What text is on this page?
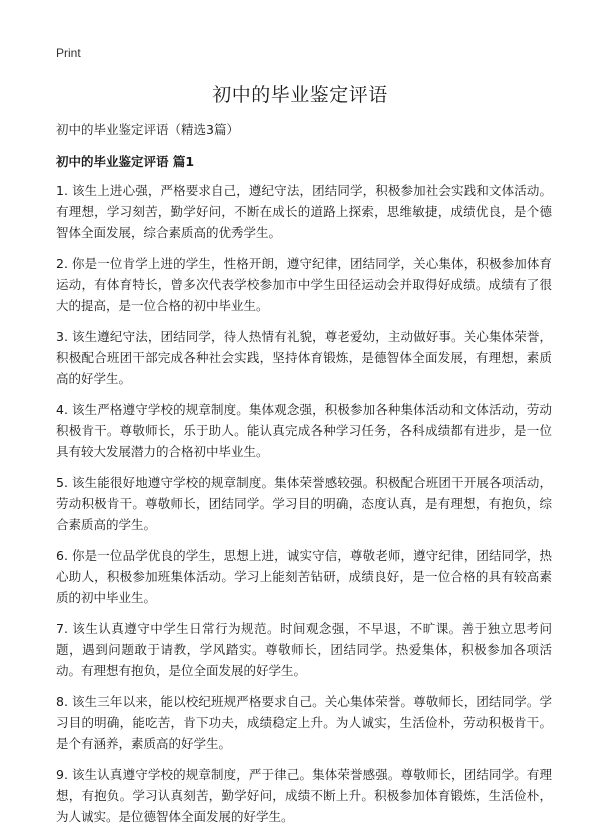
Print
初中的毕业鉴定评语

初中的毕业鉴定评语（精选3篇）

初中的毕业鉴定评语 篇1

1. 该生上进心强，严格要求自己，遵纪守法，团结同学，积极参加社会实践和文体活动。有理想，学习刻苦，勤学好问，不断在成长的道路上探索，思维敏捷，成绩优良，是个德智体全面发展，综合素质高的优秀学生。
2. 你是一位肯学上进的学生，性格开朗，遵守纪律，团结同学，关心集体，积极参加体育运动，有体育特长，曾多次代表学校参加市中学生田径运动会并取得好成绩。成绩有了很大的提高，是一位合格的初中毕业生。
3. 该生遵纪守法，团结同学，待人热情有礼貌，尊老爱幼，主动做好事。关心集体荣誉，积极配合班团干部完成各种社会实践，坚持体育锻炼，是德智体全面发展，有理想，素质高的好学生。
4. 该生严格遵守学校的规章制度。集体观念强，积极参加各种集体活动和文体活动，劳动积极肯干。尊敬师长，乐于助人。能认真完成各种学习任务，各科成绩都有进步，是一位具有较大发展潜力的合格初中毕业生。
5. 该生能很好地遵守学校的规章制度。集体荣誉感较强。积极配合班团干开展各项活动，劳动积极肯干。尊敬师长，团结同学。学习目的明确，态度认真，是有理想，有抱负，综合素质高的学生。
6. 你是一位品学优良的学生，思想上进，诚实守信，尊敬老师，遵守纪律，团结同学，热心助人，积极参加班集体活动。学习上能刻苦钻研，成绩良好，是一位合格的具有较高素质的初中毕业生。
7. 该生认真遵守中学生日常行为规范。时间观念强，不早退，不旷课。善于独立思考问题，遇到问题敢于请教，学风踏实。尊敬师长，团结同学。热爱集体，积极参加各项活动。有理想有抱负，是位全面发展的好学生。
8. 该生三年以来，能以校纪班规严格要求自己。关心集体荣誉。尊敬师长，团结同学。学习目的明确，能吃苦，肯下功夫，成绩稳定上升。为人诚实，生活俭朴，劳动积极肯干。是个有涵养，素质高的好学生。
9. 该生认真遵守学校的规章制度，严于律己。集体荣誉感强。尊敬师长，团结同学。有理想，有抱负。学习认真刻苦，勤学好问，成绩不断上升。积极参加体育锻炼，生活俭朴，为人诚实。是位德智体全面发展的好学生。
